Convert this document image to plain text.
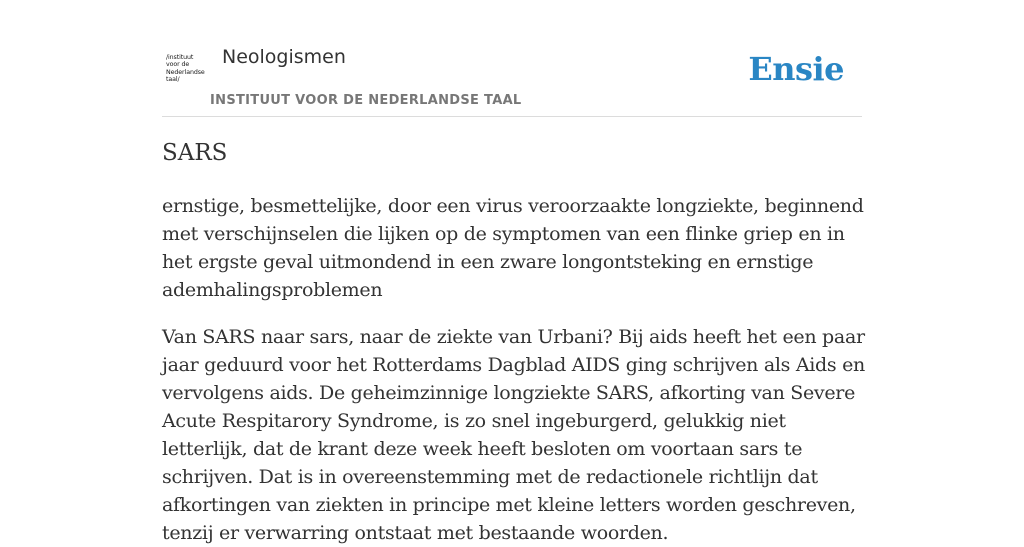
/instituut
voor de
Nederlandse
taal/
Neologismen
INSTITUUT VOOR DE NEDERLANDSE TAAL
Ensie
SARS

ernstige, besmettelijke, door een virus veroorzaakte longziekte, beginnend met verschijnselen die lijken op de symptomen van een flinke griep en in het ergste geval uitmondend in een zware longontsteking en ernstige ademhalingsproblemen

Van SARS naar sars, naar de ziekte van Urbani? Bij aids heeft het een paar jaar geduurd voor het Rotterdams Dagblad AIDS ging schrijven als Aids en vervolgens aids. De geheimzinnige longziekte SARS, afkorting van Severe Acute Respitarory Syndrome, is zo snel ingeburgerd, gelukkig niet letterlijk, dat de krant deze week heeft besloten om voortaan sars te schrijven. Dat is in overeenstemming met de redactionele richtlijn dat afkortingen van ziekten in principe met kleine letters worden geschreven, tenzij er verwarring ontstaat met bestaande woorden.
